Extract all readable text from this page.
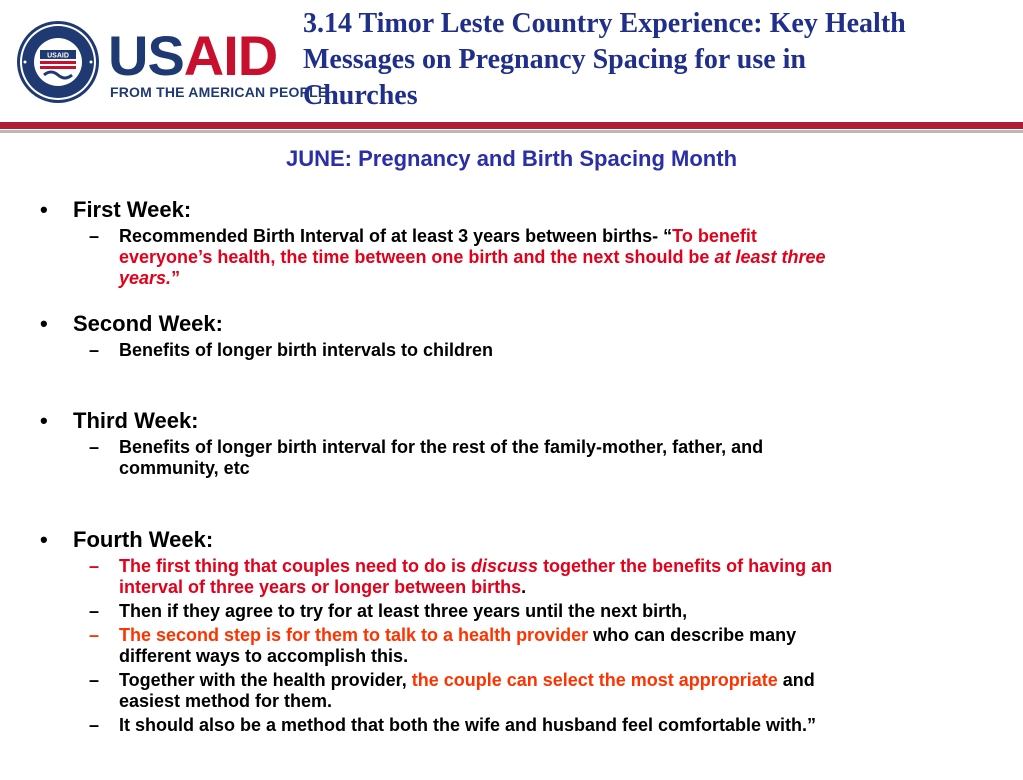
USAID USAID
FROM THE AMERICAN PEOPLE
3.14 Timor Leste Country Experience: Key Health
Messages on Pregnancy Spacing for use in
Churches
JUNE: Pregnancy and Birth Spacing Month
• First Week:
– Recommended Birth Interval of at least 3 years between births- “To benefit
everyone’s health, the time between one birth and the next should be at least three
years.”
• Second Week:
– Benefits of longer birth intervals to children
• Third Week:
– Benefits of longer birth interval for the rest of the family-mother, father, and
community, etc
• Fourth Week:
– The first thing that couples need to do is discuss together the benefits of having an
interval of three years or longer between births.
– Then if they agree to try for at least three years until the next birth,
– The second step is for them to talk to a health provider who can describe many
different ways to accomplish this.
– Together with the health provider, the couple can select the most appropriate and
easiest method for them.
– It should also be a method that both the wife and husband feel comfortable with.”
